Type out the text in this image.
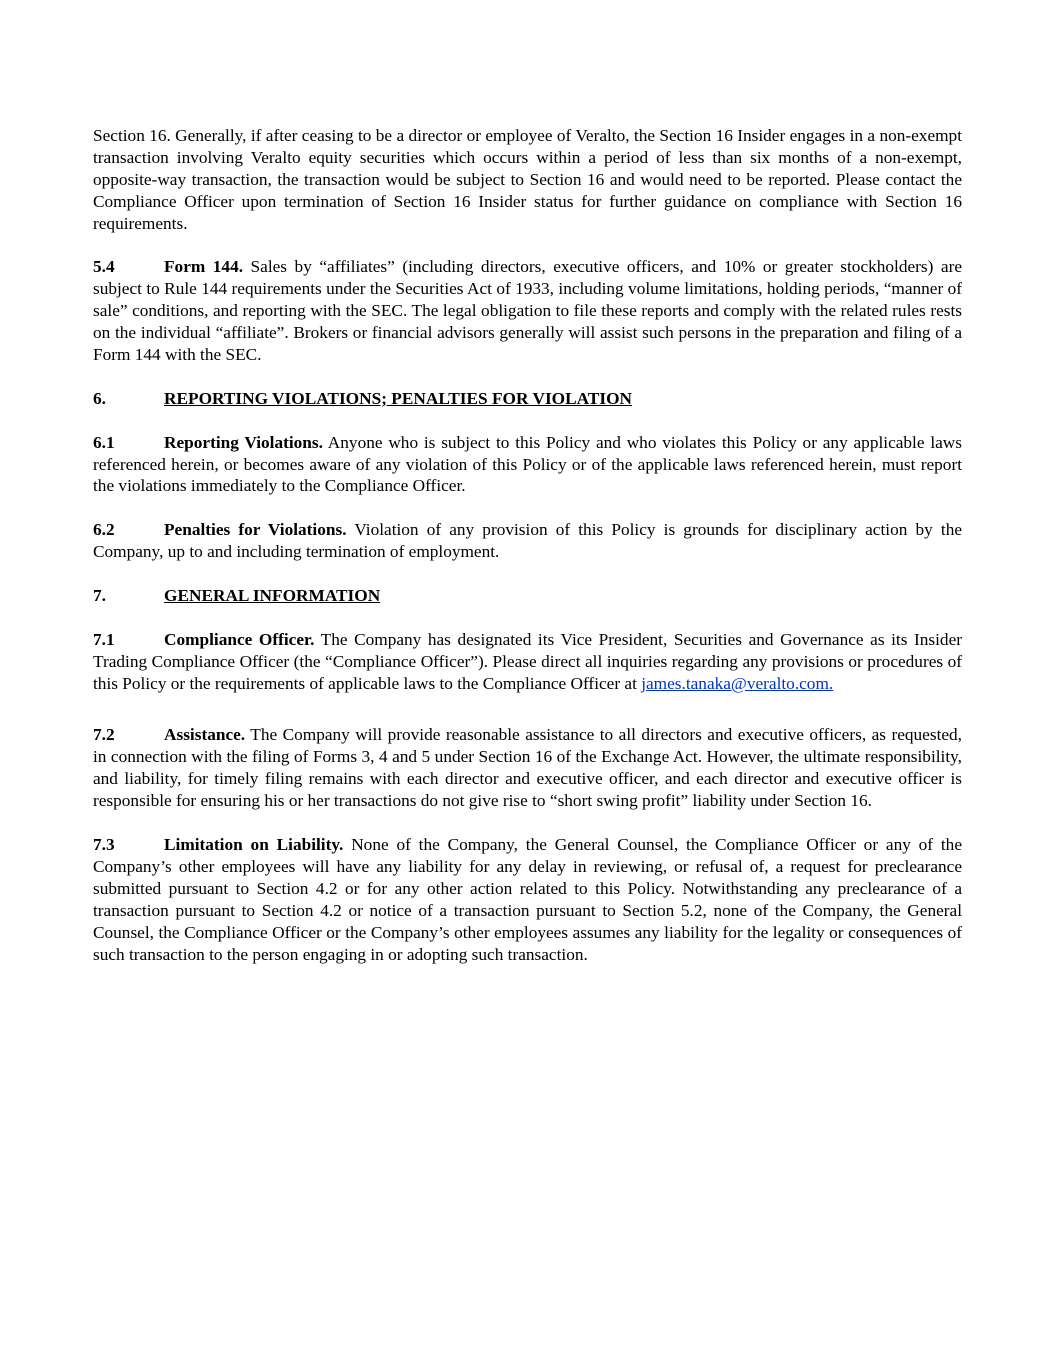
Section 16. Generally, if after ceasing to be a director or employee of Veralto, the Section 16 Insider engages in a non-exempt transaction involving Veralto equity securities which occurs within a period of less than six months of a non-exempt, opposite-way transaction, the transaction would be subject to Section 16 and would need to be reported. Please contact the Compliance Officer upon termination of Section 16 Insider status for further guidance on compliance with Section 16 requirements.

5.4	Form 144. Sales by “affiliates” (including directors, executive officers, and 10% or greater stockholders) are subject to Rule 144 requirements under the Securities Act of 1933, including volume limitations, holding periods, “manner of sale” conditions, and reporting with the SEC. The legal obligation to file these reports and comply with the related rules rests on the individual “affiliate”. Brokers or financial advisors generally will assist such persons in the preparation and filing of a Form 144 with the SEC.

6.	REPORTING VIOLATIONS; PENALTIES FOR VIOLATION

6.1	Reporting Violations. Anyone who is subject to this Policy and who violates this Policy or any applicable laws referenced herein, or becomes aware of any violation of this Policy or of the applicable laws referenced herein, must report the violations immediately to the Compliance Officer.

6.2	Penalties for Violations. Violation of any provision of this Policy is grounds for disciplinary action by the Company, up to and including termination of employment.

7.	GENERAL INFORMATION

7.1	Compliance Officer. The Company has designated its Vice President, Securities and Governance as its Insider Trading Compliance Officer (the “Compliance Officer”). Please direct all inquiries regarding any provisions or procedures of this Policy or the requirements of applicable laws to the Compliance Officer at james.tanaka@veralto.com.

7.2	Assistance. The Company will provide reasonable assistance to all directors and executive officers, as requested, in connection with the filing of Forms 3, 4 and 5 under Section 16 of the Exchange Act. However, the ultimate responsibility, and liability, for timely filing remains with each director and executive officer, and each director and executive officer is responsible for ensuring his or her transactions do not give rise to “short swing profit” liability under Section 16.

7.3	Limitation on Liability. None of the Company, the General Counsel, the Compliance Officer or any of the Company’s other employees will have any liability for any delay in reviewing, or refusal of, a request for preclearance submitted pursuant to Section 4.2 or for any other action related to this Policy. Notwithstanding any preclearance of a transaction pursuant to Section 4.2 or notice of a transaction pursuant to Section 5.2, none of the Company, the General Counsel, the Compliance Officer or the Company’s other employees assumes any liability for the legality or consequences of such transaction to the person engaging in or adopting such transaction.
